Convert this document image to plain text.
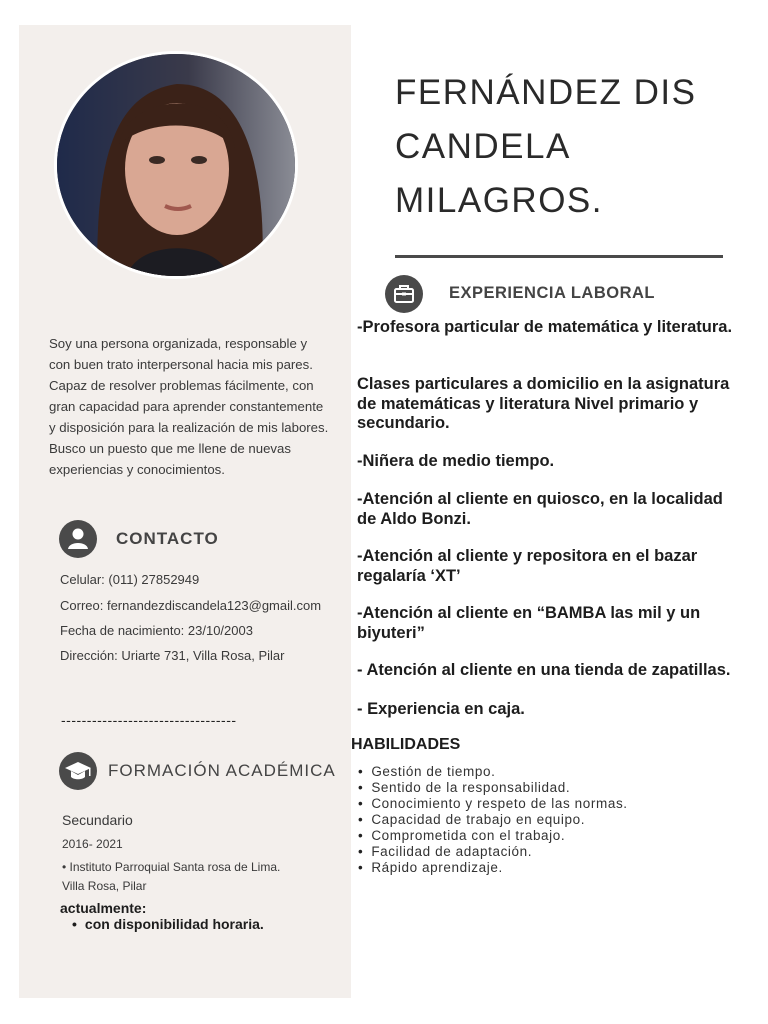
Soy una persona organizada, responsable y con buen trato interpersonal hacia mis pares. Capaz de resolver problemas fácilmente, con gran capacidad para aprender constantemente y disposición para la realización de mis labores. Busco un puesto que me llene de nuevas experiencias y conocimientos.
CONTACTO
Celular: (011) 27852949
Correo: fernandezdiscandela123@gmail.com
Fecha de nacimiento: 23/10/2003
Dirección: Uriarte 731, Villa Rosa, Pilar
----------------------------------
FORMACIÓN ACADÉMICA
Secundario
2016- 2021
• Instituto Parroquial Santa rosa de Lima.
Villa Rosa, Pilar
actualmente:
• con disponibilidad horaria.
FERNÁNDEZ DIS
CANDELA
MILAGROS.
EXPERIENCIA LABORAL
-Profesora particular de matemática y literatura.
Clases particulares a domicilio en la asignatura de matemáticas y literatura Nivel primario y secundario.
-Niñera de medio tiempo.
-Atención al cliente en quiosco, en la localidad de Aldo Bonzi.
-Atención al cliente y repositora en el bazar regalaría ‘XT’
-Atención al cliente en “BAMBA las mil y un biyuteri”
- Atención al cliente en una tienda de zapatillas.
- Experiencia en caja.
HABILIDADES
• Gestión de tiempo.
• Sentido de la responsabilidad.
• Conocimiento y respeto de las normas.
• Capacidad de trabajo en equipo.
• Comprometida con el trabajo.
• Facilidad de adaptación.
• Rápido aprendizaje.
